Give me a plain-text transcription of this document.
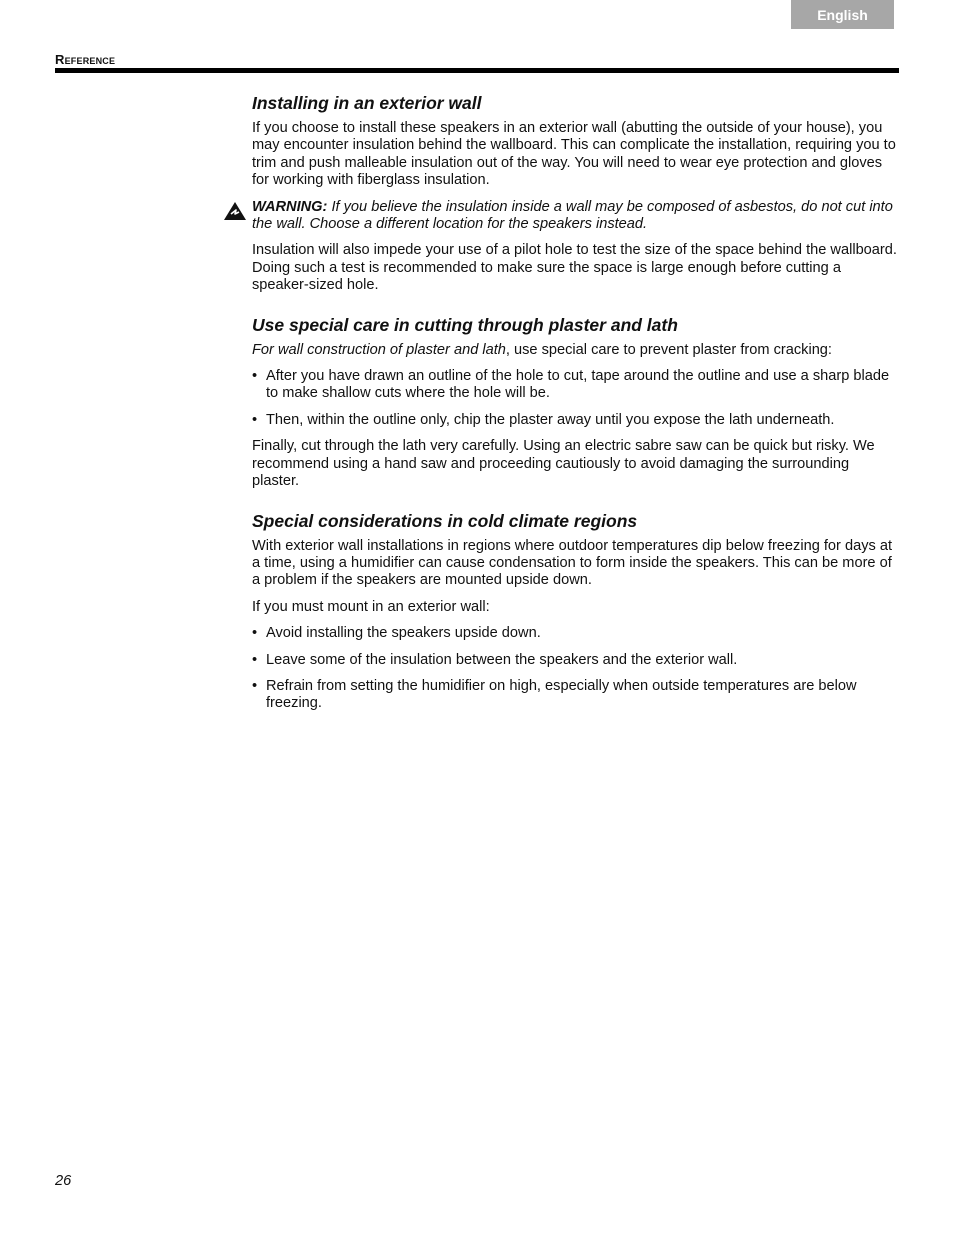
English
Reference
Installing in an exterior wall

If you choose to install these speakers in an exterior wall (abutting the outside of your house), you may encounter insulation behind the wallboard. This can complicate the installation, requiring you to trim and push malleable insulation out of the way. You will need to wear eye protection and gloves for working with fiberglass insulation.

WARNING: If you believe the insulation inside a wall may be composed of asbestos, do not cut into the wall. Choose a different location for the speakers instead.

Insulation will also impede your use of a pilot hole to test the size of the space behind the wallboard. Doing such a test is recommended to make sure the space is large enough before cutting a speaker-sized hole.

Use special care in cutting through plaster and lath

For wall construction of plaster and lath, use special care to prevent plaster from cracking:

• After you have drawn an outline of the hole to cut, tape around the outline and use a sharp blade to make shallow cuts where the hole will be.
• Then, within the outline only, chip the plaster away until you expose the lath underneath.

Finally, cut through the lath very carefully. Using an electric sabre saw can be quick but risky. We recommend using a hand saw and proceeding cautiously to avoid damaging the surrounding plaster.

Special considerations in cold climate regions

With exterior wall installations in regions where outdoor temperatures dip below freezing for days at a time, using a humidifier can cause condensation to form inside the speakers. This can be more of a problem if the speakers are mounted upside down.

If you must mount in an exterior wall:

• Avoid installing the speakers upside down.
• Leave some of the insulation between the speakers and the exterior wall.
• Refrain from setting the humidifier on high, especially when outside temperatures are below freezing.
26
